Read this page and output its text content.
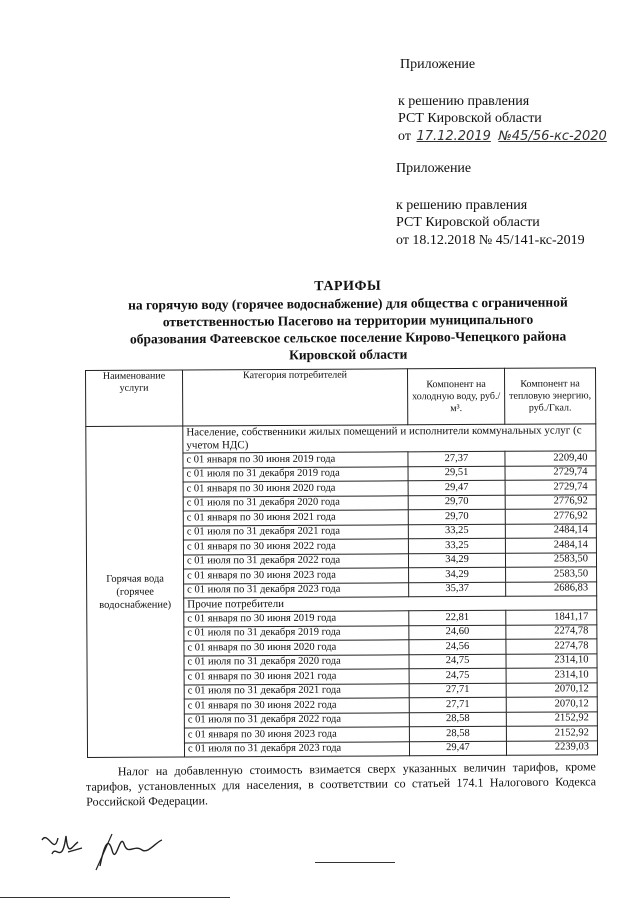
Приложение
к решению правления
РСТ Кировской области
от 17.12.2019 №45/56-кс-2020
Приложение
к решению правления
РСТ Кировской области
от 18.12.2018 № 45/141-кс-2019
ТАРИФЫ
на горячую воду (горячее водоснабжение) для общества с ограниченной
ответственностью Пасегово на территории муниципального
образования Фатеевское сельское поселение Кирово-Чепецкого района
Кировской области
Наименование услуги	Категория потребителей	Компонент на холодную воду, руб./м³.	Компонент на тепловую энергию, руб./Гкал.
Горячая вода (горячее водоснабжение)	Население, собственники жилых помещений и исполнители коммунальных услуг (с учетом НДС)		
	с 01 января по 30 июня 2019 года	27,37	2209,40
	с 01 июля по 31 декабря 2019 года	29,51	2729,74
	с 01 января по 30 июня 2020 года	29,47	2729,74
	с 01 июля по 31 декабря 2020 года	29,70	2776,92
	с 01 января по 30 июня 2021 года	29,70	2776,92
	с 01 июля по 31 декабря 2021 года	33,25	2484,14
	с 01 января по 30 июня 2022 года	33,25	2484,14
	с 01 июля по 31 декабря 2022 года	34,29	2583,50
	с 01 января по 30 июня 2023 года	34,29	2583,50
	с 01 июля по 31 декабря 2023 года	35,37	2686,83
	Прочие потребители		
	с 01 января по 30 июня 2019 года	22,81	1841,17
	с 01 июля по 31 декабря 2019 года	24,60	2274,78
	с 01 января по 30 июня 2020 года	24,56	2274,78
	с 01 июля по 31 декабря 2020 года	24,75	2314,10
	с 01 января по 30 июня 2021 года	24,75	2314,10
	с 01 июля по 31 декабря 2021 года	27,71	2070,12
	с 01 января по 30 июня 2022 года	27,71	2070,12
	с 01 июля по 31 декабря 2022 года	28,58	2152,92
	с 01 января по 30 июня 2023 года	28,58	2152,92
	с 01 июля по 31 декабря 2023 года	29,47	2239,03
Налог на добавленную стоимость взимается сверх указанных величин тарифов, кроме тарифов, установленных для населения, в соответствии со статьей 174.1 Налогового Кодекса Российской Федерации.
